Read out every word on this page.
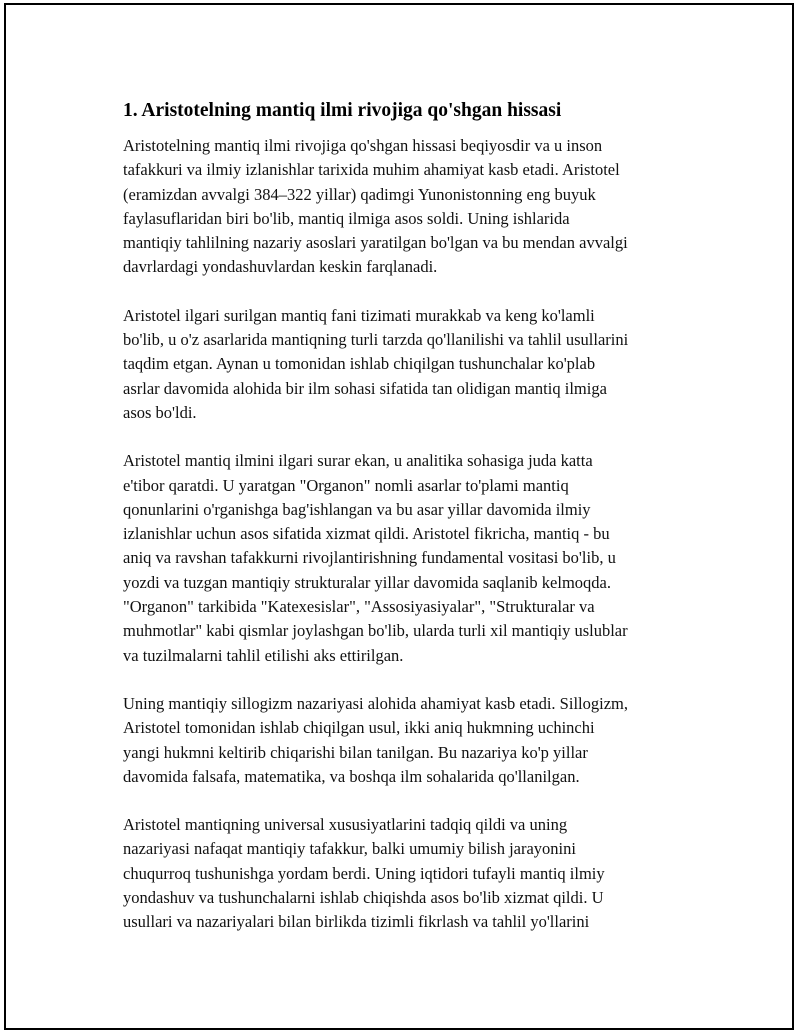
1. Aristotelning mantiq ilmi rivojiga qo'shgan hissasi

Aristotelning mantiq ilmi rivojiga qo'shgan hissasi beqiyosdir va u inson
tafakkuri va ilmiy izlanishlar tarixida muhim ahamiyat kasb etadi. Aristotel
(eramizdan avvalgi 384–322 yillar) qadimgi Yunonistonning eng buyuk
faylasuflaridan biri bo'lib, mantiq ilmiga asos soldi. Uning ishlarida
mantiqiy tahlilning nazariy asoslari yaratilgan bo'lgan va bu mendan avvalgi
davrlardagi yondashuvlardan keskin farqlanadi.

Aristotel ilgari surilgan mantiq fani tizimati murakkab va keng ko'lamli
bo'lib, u o'z asarlarida mantiqning turli tarzda qo'llanilishi va tahlil usullarini
taqdim etgan. Aynan u tomonidan ishlab chiqilgan tushunchalar ko'plab
asrlar davomida alohida bir ilm sohasi sifatida tan olidigan mantiq ilmiga
asos bo'ldi.

Aristotel mantiq ilmini ilgari surar ekan, u analitika sohasiga juda katta
e'tibor qaratdi. U yaratgan "Organon" nomli asarlar to'plami mantiq
qonunlarini o'rganishga bag'ishlangan va bu asar yillar davomida ilmiy
izlanishlar uchun asos sifatida xizmat qildi. Aristotel fikricha, mantiq - bu
aniq va ravshan tafakkurni rivojlantirishning fundamental vositasi bo'lib, u
yozdi va tuzgan mantiqiy strukturalar yillar davomida saqlanib kelmoqda.
"Organon" tarkibida "Katexesislar", "Assosiyasiyalar", "Strukturalar va
muhmotlar" kabi qismlar joylashgan bo'lib, ularda turli xil mantiqiy uslublar
va tuzilmalarni tahlil etilishi aks ettirilgan.

Uning mantiqiy sillogizm nazariyasi alohida ahamiyat kasb etadi. Sillogizm,
Aristotel tomonidan ishlab chiqilgan usul, ikki aniq hukmning uchinchi
yangi hukmni keltirib chiqarishi bilan tanilgan. Bu nazariya ko'p yillar
davomida falsafa, matematika, va boshqa ilm sohalarida qo'llanilgan.

Aristotel mantiqning universal xususiyatlarini tadqiq qildi va uning
nazariyasi nafaqat mantiqiy tafakkur, balki umumiy bilish jarayonini
chuqurroq tushunishga yordam berdi. Uning iqtidori tufayli mantiq ilmiy
yondashuv va tushunchalarni ishlab chiqishda asos bo'lib xizmat qildi. U
usullari va nazariyalari bilan birlikda tizimli fikrlash va tahlil yo'llarini
